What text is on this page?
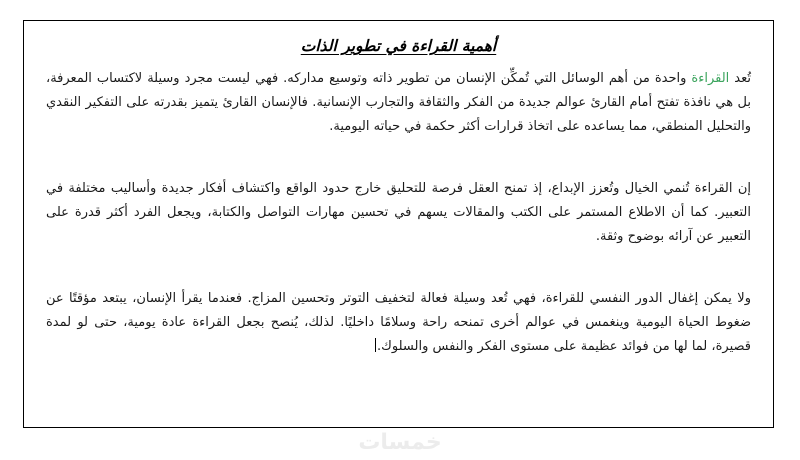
أهمية القراءة في تطوير الذات

تُعد القراءة واحدة من أهم الوسائل التي تُمكِّن الإنسان من تطوير ذاته وتوسيع مداركه. فهي ليست مجرد وسيلة لاكتساب المعرفة، بل هي نافذة تفتح أمام القارئ عوالم جديدة من الفكر والثقافة والتجارب الإنسانية. فالإنسان القارئ يتميز بقدرته على التفكير النقدي والتحليل المنطقي، مما يساعده على اتخاذ قرارات أكثر حكمة في حياته اليومية.

إن القراءة تُنمي الخيال وتُعزز الإبداع، إذ تمنح العقل فرصة للتحليق خارج حدود الواقع واكتشاف أفكار جديدة وأساليب مختلفة في التعبير. كما أن الاطلاع المستمر على الكتب والمقالات يسهم في تحسين مهارات التواصل والكتابة، ويجعل الفرد أكثر قدرة على التعبير عن آرائه بوضوح وثقة.

ولا يمكن إغفال الدور النفسي للقراءة، فهي تُعد وسيلة فعالة لتخفيف التوتر وتحسين المزاج. فعندما يقرأ الإنسان، يبتعد مؤقتًا عن ضغوط الحياة اليومية وينغمس في عوالم أخرى تمنحه راحة وسلامًا داخليًا. لذلك، يُنصح بجعل القراءة عادة يومية، حتى لو لمدة قصيرة، لما لها من فوائد عظيمة على مستوى الفكر والنفس والسلوك.

خمسات
